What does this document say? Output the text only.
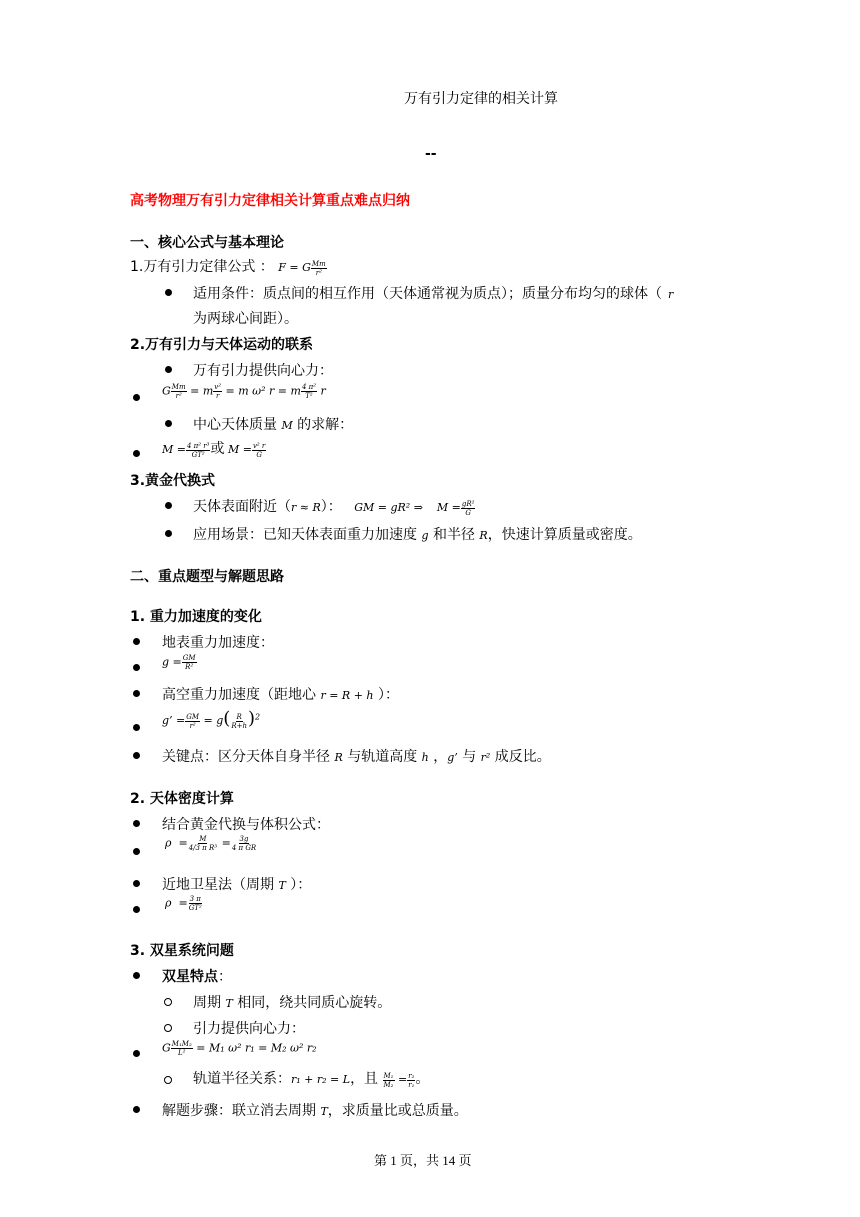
万有引力定律的相关计算
--
高考物理万有引力定律相关计算重点难点归纳
一、核心公式与基本理论
1.万有引力定律公式 ： F = G $\frac{Mm}{\text{r²}}$
适用条件：质点间的相互作用（天体通常视为质点）；质量分布均匀的球体（ r
为两球心间距）。
2.万有引力与天体运动的联系
万有引力提供向心力：
G $\frac{Mm}{\text{r²}} = m \frac{\text{v²}}{r} = m$ ω² r = m $\frac{\text{4 π²}}{\text{T²}}$ r
中心天体质量 M 的求解：
$M = \frac{\text{4 π² r³}}{\text{GT²}}$ 或 $M = \frac{\text{v² r}}{G}$
3.黄金代换式
天体表面附近（r ≈ R）： GM = gR² ⇒    $M = \frac{\text{gR²}}{G}$
应用场景：已知天体表面重力加速度 g 和半径 R，快速计算质量或密度。
二、重点题型与解题思路
1. 重力加速度的变化
地表重力加速度：
$g = \frac{GM}{\text{R²}}$
高空重力加速度（距地心 r = R + h ）：
g’ = $\frac{GM}{\text{r²}} = g( \frac{R}{R+h} )^2$
关键点：区分天体自身半径 R 与轨道高度 h ，g’ 与 r² 成反比。
2. 天体密度计算
结合黄金代换与体积公式：
$\rho = \frac{M}{\text{4/3 π R³}} = \frac{3g}{\text{4 π GR}}$
近地卫星法（周期 T ）：
$\rho = \frac{3 \pi}{\text{GT²}}$
3. 双星系统问题
双星特点：
周期 T 相同，绕共同质心旋转。
引力提供向心力：
G $\frac{\text{M₁M₂}}{\text{L²}} = M_1$ ω² r₁ = M₂ ω² r₂
轨道半径关系：r₁ + r₂ = L，且 $\frac{\text{M₁}}{\text{M₂}} = \frac{\text{r₂}}{\text{r₁}}$ 。
解题步骤：联立消去周期 T，求质量比或总质量。
第 1 页，共 14 页
